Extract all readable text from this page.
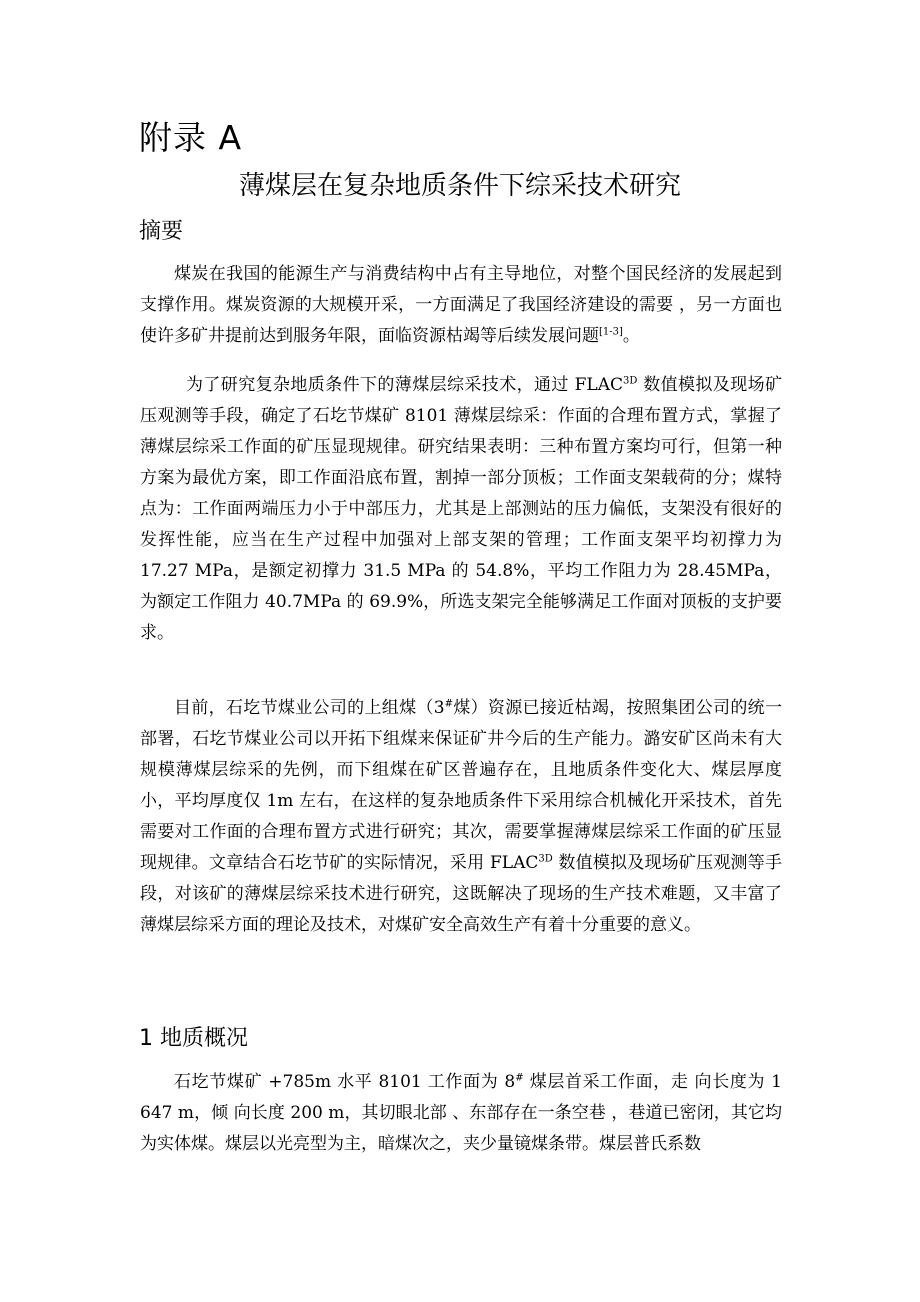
附录 A
薄煤层在复杂地质条件下综采技术研究
摘要

煤炭在我国的能源生产与消费结构中占有主导地位，对整个国民经济的发展起到支撑作用。煤炭资源的大规模开采，一方面满足了我国经济建设的需要 ，另一方面也使许多矿井提前达到服务年限，面临资源枯竭等后续发展问题[1-3]。

为了研究复杂地质条件下的薄煤层综采技术，通过 $FLAC^{3D}$ 数值模拟及现场矿压观测等手段，确定了石圪节煤矿 8101 薄煤层综采：作面的合理布置方式，掌握了薄煤层综采工作面的矿压显现规律。研究结果表明：三种布置方案均可行，但第一种方案为最优方案，即工作面沿底布置，割掉一部分顶板；工作面支架载荷的分；煤特点为：工作面两端压力小于中部压力，尤其是上部测站的压力偏低，支架没有很好的发挥性能，应当在生产过程中加强对上部支架的管理；工作面支架平均初撑力为 17.27 MPa，是额定初撑力 31.5 MPa 的 54.8%，平均工作阻力为 28.45MPa，为额定工作阻力 40.7MPa 的 69.9%，所选支架完全能够满足工作面对顶板的支护要求。

目前，石圪节煤业公司的上组煤（3#煤）资源已接近枯竭，按照集团公司的统一部署，石圪节煤业公司以开拓下组煤来保证矿井今后的生产能力。潞安矿区尚未有大规模薄煤层综采的先例，而下组煤在矿区普遍存在，且地质条件变化大、煤层厚度小，平均厚度仅 1m 左右，在这样的复杂地质条件下采用综合机械化开采技术，首先需要对工作面的合理布置方式进行研究；其次，需要掌握薄煤层综采工作面的矿压显现规律。文章结合石圪节矿的实际情况，采用 $FLAC^{3D}$ 数值模拟及现场矿压观测等手段，对该矿的薄煤层综采技术进行研究，这既解决了现场的生产技术难题，又丰富了薄煤层综采方面的理论及技术，对煤矿安全高效生产有着十分重要的意义。

1 地质概况

石圪节煤矿 +785m 水平 8101 工作面为 8# 煤层首采工作面，走 向长度为 1 647 m，倾 向长度 200 m，其切眼北部 、东部存在一条空巷 ，巷道已密闭，其它均为实体煤。煤层以光亮型为主，暗煤次之，夹少量镜煤条带。煤层普氏系数
